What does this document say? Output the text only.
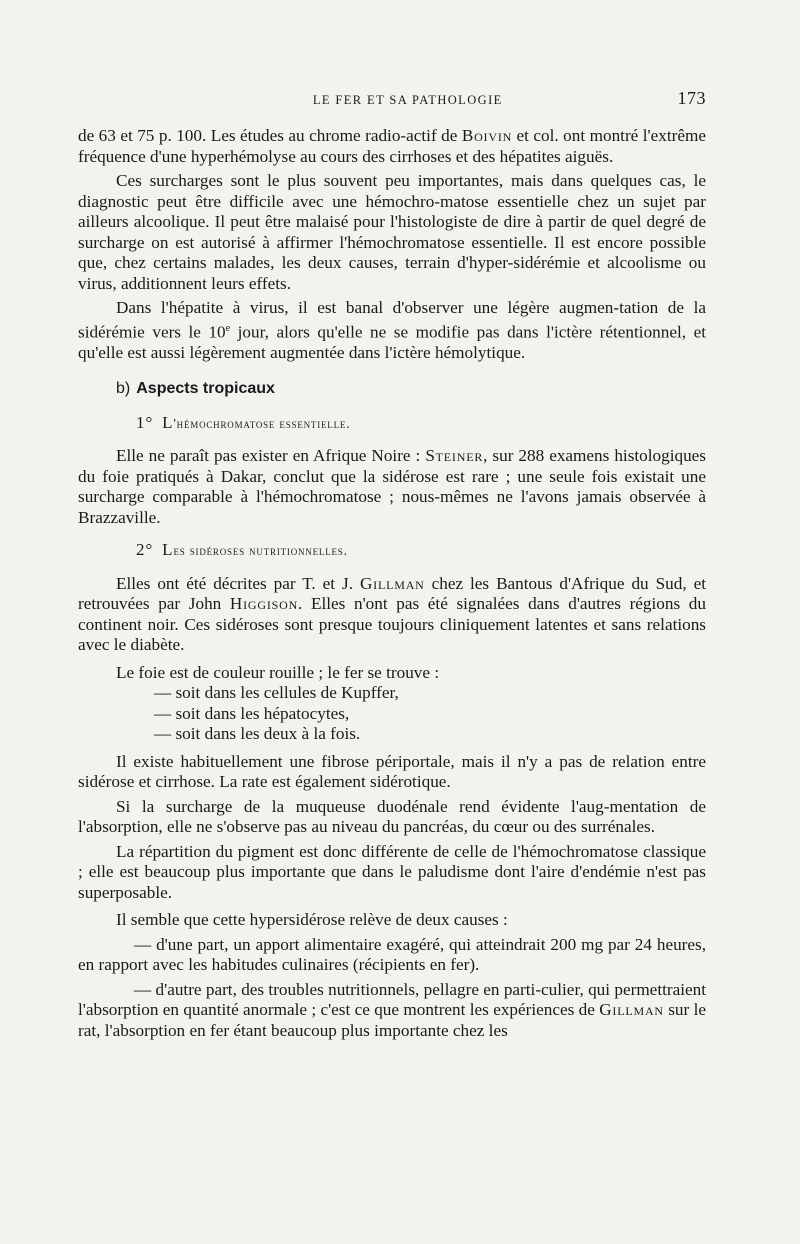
LE FER ET SA PATHOLOGIE	173

de 63 et 75 p. 100. Les études au chrome radio-actif de Boivin et col. ont montré l'extrême fréquence d'une hyperhémolyse au cours des cirrhoses et des hépatites aiguës.

Ces surcharges sont le plus souvent peu importantes, mais dans quelques cas, le diagnostic peut être difficile avec une hémochro-matose essentielle chez un sujet par ailleurs alcoolique. Il peut être malaisé pour l'histologiste de dire à partir de quel degré de surcharge on est autorisé à affirmer l'hémochromatose essentielle. Il est encore possible que, chez certains malades, les deux causes, terrain d'hyper-sidérémie et alcoolisme ou virus, additionnent leurs effets.

Dans l'hépatite à virus, il est banal d'observer une légère augmen-tation de la sidérémie vers le 10e jour, alors qu'elle ne se modifie pas dans l'ictère rétentionnel, et qu'elle est aussi légèrement augmentée dans l'ictère hémolytique.

b) Aspects tropicaux

1° L'hémochromatose essentielle.

Elle ne paraît pas exister en Afrique Noire : Steiner, sur 288 examens histologiques du foie pratiqués à Dakar, conclut que la sidérose est rare ; une seule fois existait une surcharge comparable à l'hémochromatose ; nous-mêmes ne l'avons jamais observée à Brazzaville.

2° Les sidéroses nutritionnelles.

Elles ont été décrites par T. et J. Gillman chez les Bantous d'Afrique du Sud, et retrouvées par John Higgison. Elles n'ont pas été signalées dans d'autres régions du continent noir. Ces sidéroses sont presque toujours cliniquement latentes et sans relations avec le diabète.

Le foie est de couleur rouille ; le fer se trouve :

— soit dans les cellules de Kupffer,

— soit dans les hépatocytes,

— soit dans les deux à la fois.

Il existe habituellement une fibrose périportale, mais il n'y a pas de relation entre sidérose et cirrhose. La rate est également sidérotique.

Si la surcharge de la muqueuse duodénale rend évidente l'aug-mentation de l'absorption, elle ne s'observe pas au niveau du pancréas, du cœur ou des surrénales.

La répartition du pigment est donc différente de celle de l'hémochromatose classique ; elle est beaucoup plus importante que dans le paludisme dont l'aire d'endémie n'est pas superposable.

Il semble que cette hypersidérose relève de deux causes :

— d'une part, un apport alimentaire exagéré, qui atteindrait 200 mg par 24 heures, en rapport avec les habitudes culinaires (récipients en fer).

— d'autre part, des troubles nutritionnels, pellagre en parti-culier, qui permettraient l'absorption en quantité anormale ; c'est ce que montrent les expériences de Gillman sur le rat, l'absorption en fer étant beaucoup plus importante chez les
